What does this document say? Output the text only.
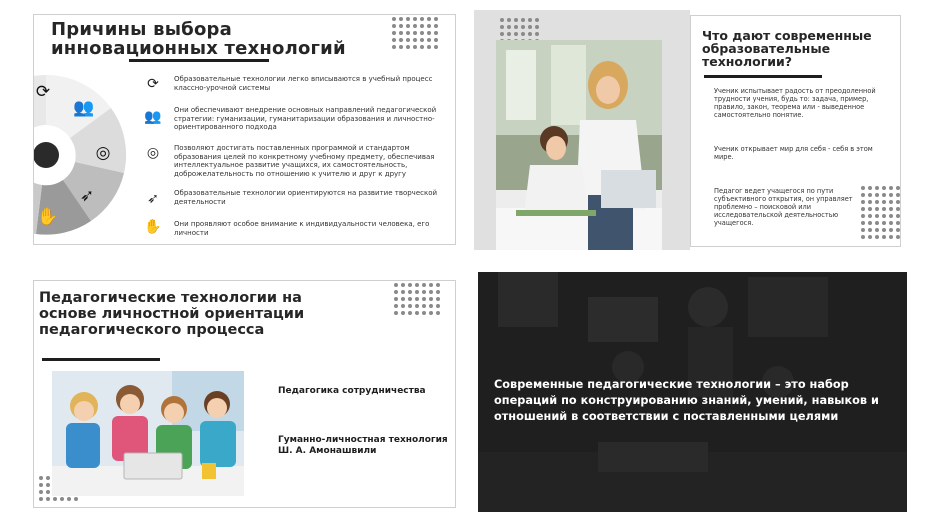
Причины выбора инновационных технологий
⟳
👥
◎
➶
✋
⟳	Образовательные технологии легко вписываются в учебный процесс классно-урочной системы
👥 Они обеспечивают внедрение основных направлений педагогической стратегии: гуманизации, гуманитаризации образования и личностно-ориентированного подхода
◎	Позволяют достигать поставленных программой и стандартом образования целей по конкретному учебному предмету, обеспечивая интеллектуальное развитие учащихся, их самостоятельность, доброжелательность по отношению к учителю и друг к другу
➶	Образовательные технологии ориентируются на развитие творческой деятельности
✋ Они проявляют особое внимание к индивидуальности человека, его личности
Что дают современные образовательные технологии?
Ученик испытывает радость от преодоленной трудности учения, будь то: задача, пример, правило, закон, теорема или - выведенное самостоятельно понятие.
Ученик открывает мир для себя - себя в этом мире.
Педагог ведет учащегося по пути субъективного открытия, он управляет проблемно – поисковой или исследовательской деятельностью учащегося.
Педагогические технологии на основе личностной ориентации педагогического процесса
Педагогика сотрудничества
Гуманно-личностная технология Ш. А. Амонашвили
Современные педагогические технологии – это набор операций по конструированию знаний, умений, навыков и отношений в соответствии с поставленными целями
